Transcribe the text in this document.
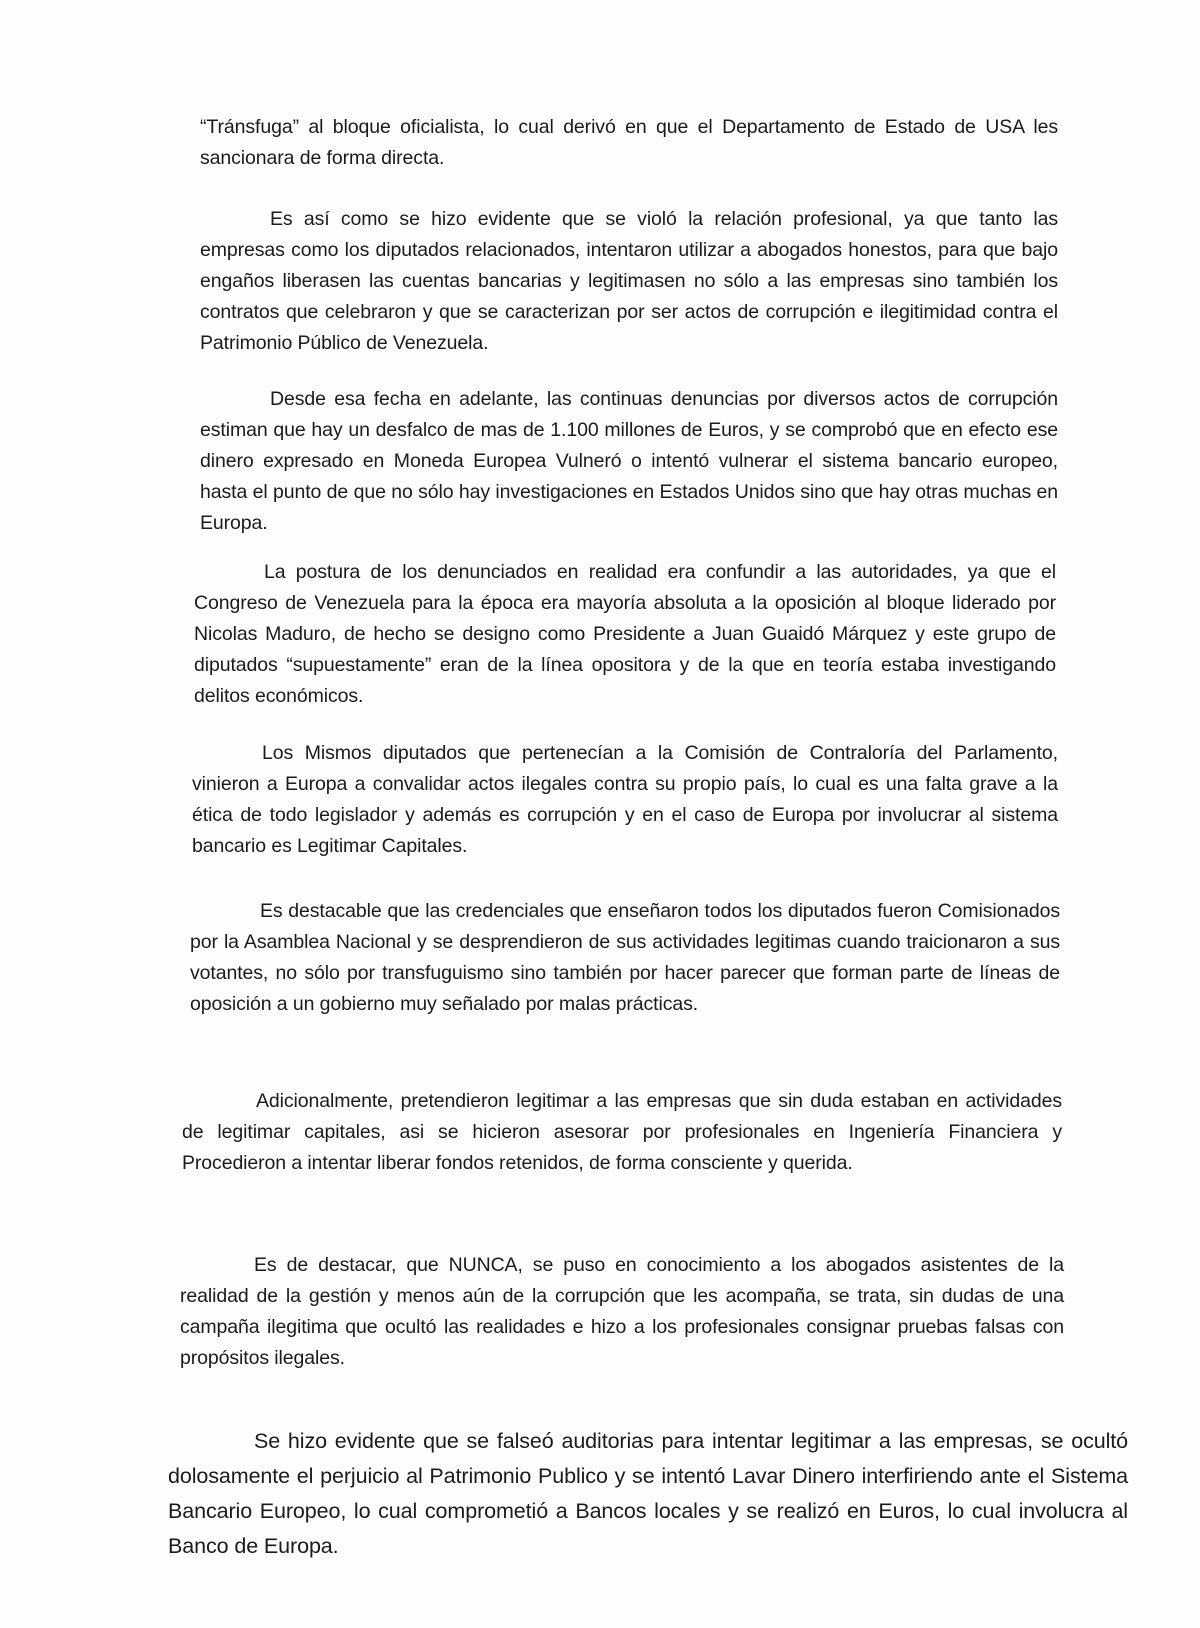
“Tránsfuga” al bloque oficialista, lo cual derivó en que el Departamento de Estado de USA les sancionara de forma directa.

Es así como se hizo evidente que se violó la relación profesional, ya que tanto las empresas como los diputados relacionados, intentaron utilizar a abogados honestos, para que bajo engaños liberasen las cuentas bancarias y legitimasen no sólo a las empresas sino también los contratos que celebraron y que se caracterizan por ser actos de corrupción e ilegitimidad contra el Patrimonio Público de Venezuela.

Desde esa fecha en adelante, las continuas denuncias por diversos actos de corrupción estiman que hay un desfalco de mas de 1.100 millones de Euros, y se comprobó que en efecto ese dinero expresado en Moneda Europea Vulneró o intentó vulnerar el sistema bancario europeo, hasta el punto de que no sólo hay investigaciones en Estados Unidos sino que hay otras muchas en Europa.

La postura de los denunciados en realidad era confundir a las autoridades, ya que el Congreso de Venezuela para la época era mayoría absoluta a la oposición al bloque liderado por Nicolas Maduro, de hecho se designo como Presidente a Juan Guaidó Márquez y este grupo de diputados “supuestamente” eran de la línea opositora y de la que en teoría estaba investigando delitos económicos.

Los Mismos diputados que pertenecían a la Comisión de Contraloría del Parlamento, vinieron a Europa a convalidar actos ilegales contra su propio país, lo cual es una falta grave a la ética de todo legislador y además es corrupción y en el caso de Europa por involucrar al sistema bancario es Legitimar Capitales.

Es destacable que las credenciales que enseñaron todos los diputados fueron Comisionados por la Asamblea Nacional y se desprendieron de sus actividades legitimas cuando traicionaron a sus votantes, no sólo por transfuguismo sino también por hacer parecer que forman parte de líneas de oposición a un gobierno muy señalado por malas prácticas.

Adicionalmente, pretendieron legitimar a las empresas que sin duda estaban en actividades de legitimar capitales, asi se hicieron asesorar por profesionales en Ingeniería Financiera y Procedieron a intentar liberar fondos retenidos, de forma consciente y querida.

Es de destacar, que NUNCA, se puso en conocimiento a los abogados asistentes de la realidad de la gestión y menos aún de la corrupción que les acompaña, se trata, sin dudas de una campaña ilegitima que ocultó las realidades e hizo a los profesionales consignar pruebas falsas con propósitos ilegales.

Se hizo evidente que se falseó auditorias para intentar legitimar a las empresas, se ocultó dolosamente el perjuicio al Patrimonio Publico y se intentó Lavar Dinero interfiriendo ante el Sistema Bancario Europeo, lo cual comprometió a Bancos locales y se realizó en Euros, lo cual involucra al Banco de Europa.
